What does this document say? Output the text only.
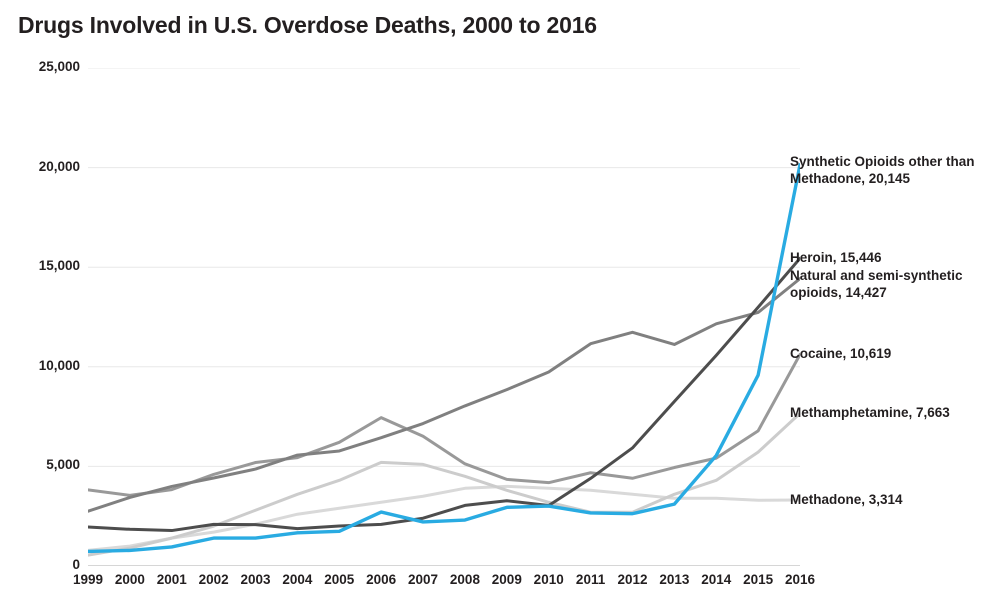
Drugs Involved in U.S. Overdose Deaths, 2000 to 2016
0
5,000
10,000
15,000
20,000
25,000
1999 2000 2001 2002 2003 2004 2005 2006 2007 2008 2009 2010 2011 2012 2013 2014 2015 2016
Synthetic Opioids other than Methadone, 20,145
Heroin, 15,446
Natural and semi-synthetic opioids, 14,427
Cocaine, 10,619
Methamphetamine, 7,663
Methadone, 3,314
